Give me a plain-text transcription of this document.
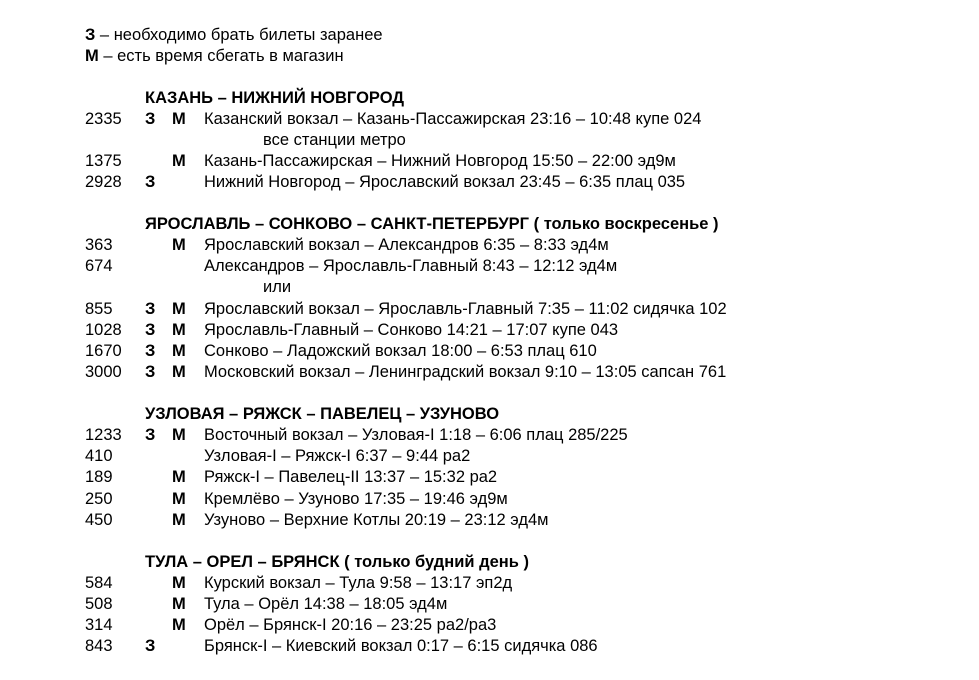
З – необходимо брать билеты заранее
М – есть время сбегать в магазин
КАЗАНЬ – НИЖНИЙ НОВГОРОД
2335 З М Казанский вокзал – Казань-Пассажирская 23:16 – 10:48 купе 024
все станции метро
1375	М Казань-Пассажирская – Нижний Новгород 15:50 – 22:00 эд9м
2928 З	Нижний Новгород – Ярославский вокзал 23:45 – 6:35 плац 035
ЯРОСЛАВЛЬ – СОНКОВО – САНКТ-ПЕТЕРБУРГ ( только воскресенье )
363	М Ярославский вокзал – Александров 6:35 – 8:33 эд4м
674	Александров – Ярославль-Главный 8:43 – 12:12 эд4м
или
855 З М Ярославский вокзал – Ярославль-Главный 7:35 – 11:02 сидячка 102
1028 З М Ярославль-Главный – Сонково 14:21 – 17:07 купе 043
1670 З М Сонково – Ладожский вокзал 18:00 – 6:53 плац 610
3000 З М Московский вокзал – Ленинградский вокзал 9:10 – 13:05 сапсан 761
УЗЛОВАЯ – РЯЖСК – ПАВЕЛЕЦ – УЗУНОВО
1233 З М Восточный вокзал – Узловая-I 1:18 – 6:06 плац 285/225
410	Узловая-I – Ряжск-I 6:37 – 9:44 ра2
189	М Ряжск-I – Павелец-II 13:37 – 15:32 ра2
250	М Кремлёво – Узуново 17:35 – 19:46 эд9м
450	М Узуново – Верхние Котлы 20:19 – 23:12 эд4м
ТУЛА – ОРЕЛ – БРЯНСК ( только будний день )
584	М Курский вокзал – Тула 9:58 – 13:17 эп2д
508	М Тула – Орёл 14:38 – 18:05 эд4м
314	М Орёл – Брянск-I 20:16 – 23:25 ра2/ра3
843 З	Брянск-I – Киевский вокзал 0:17 – 6:15 сидячка 086
